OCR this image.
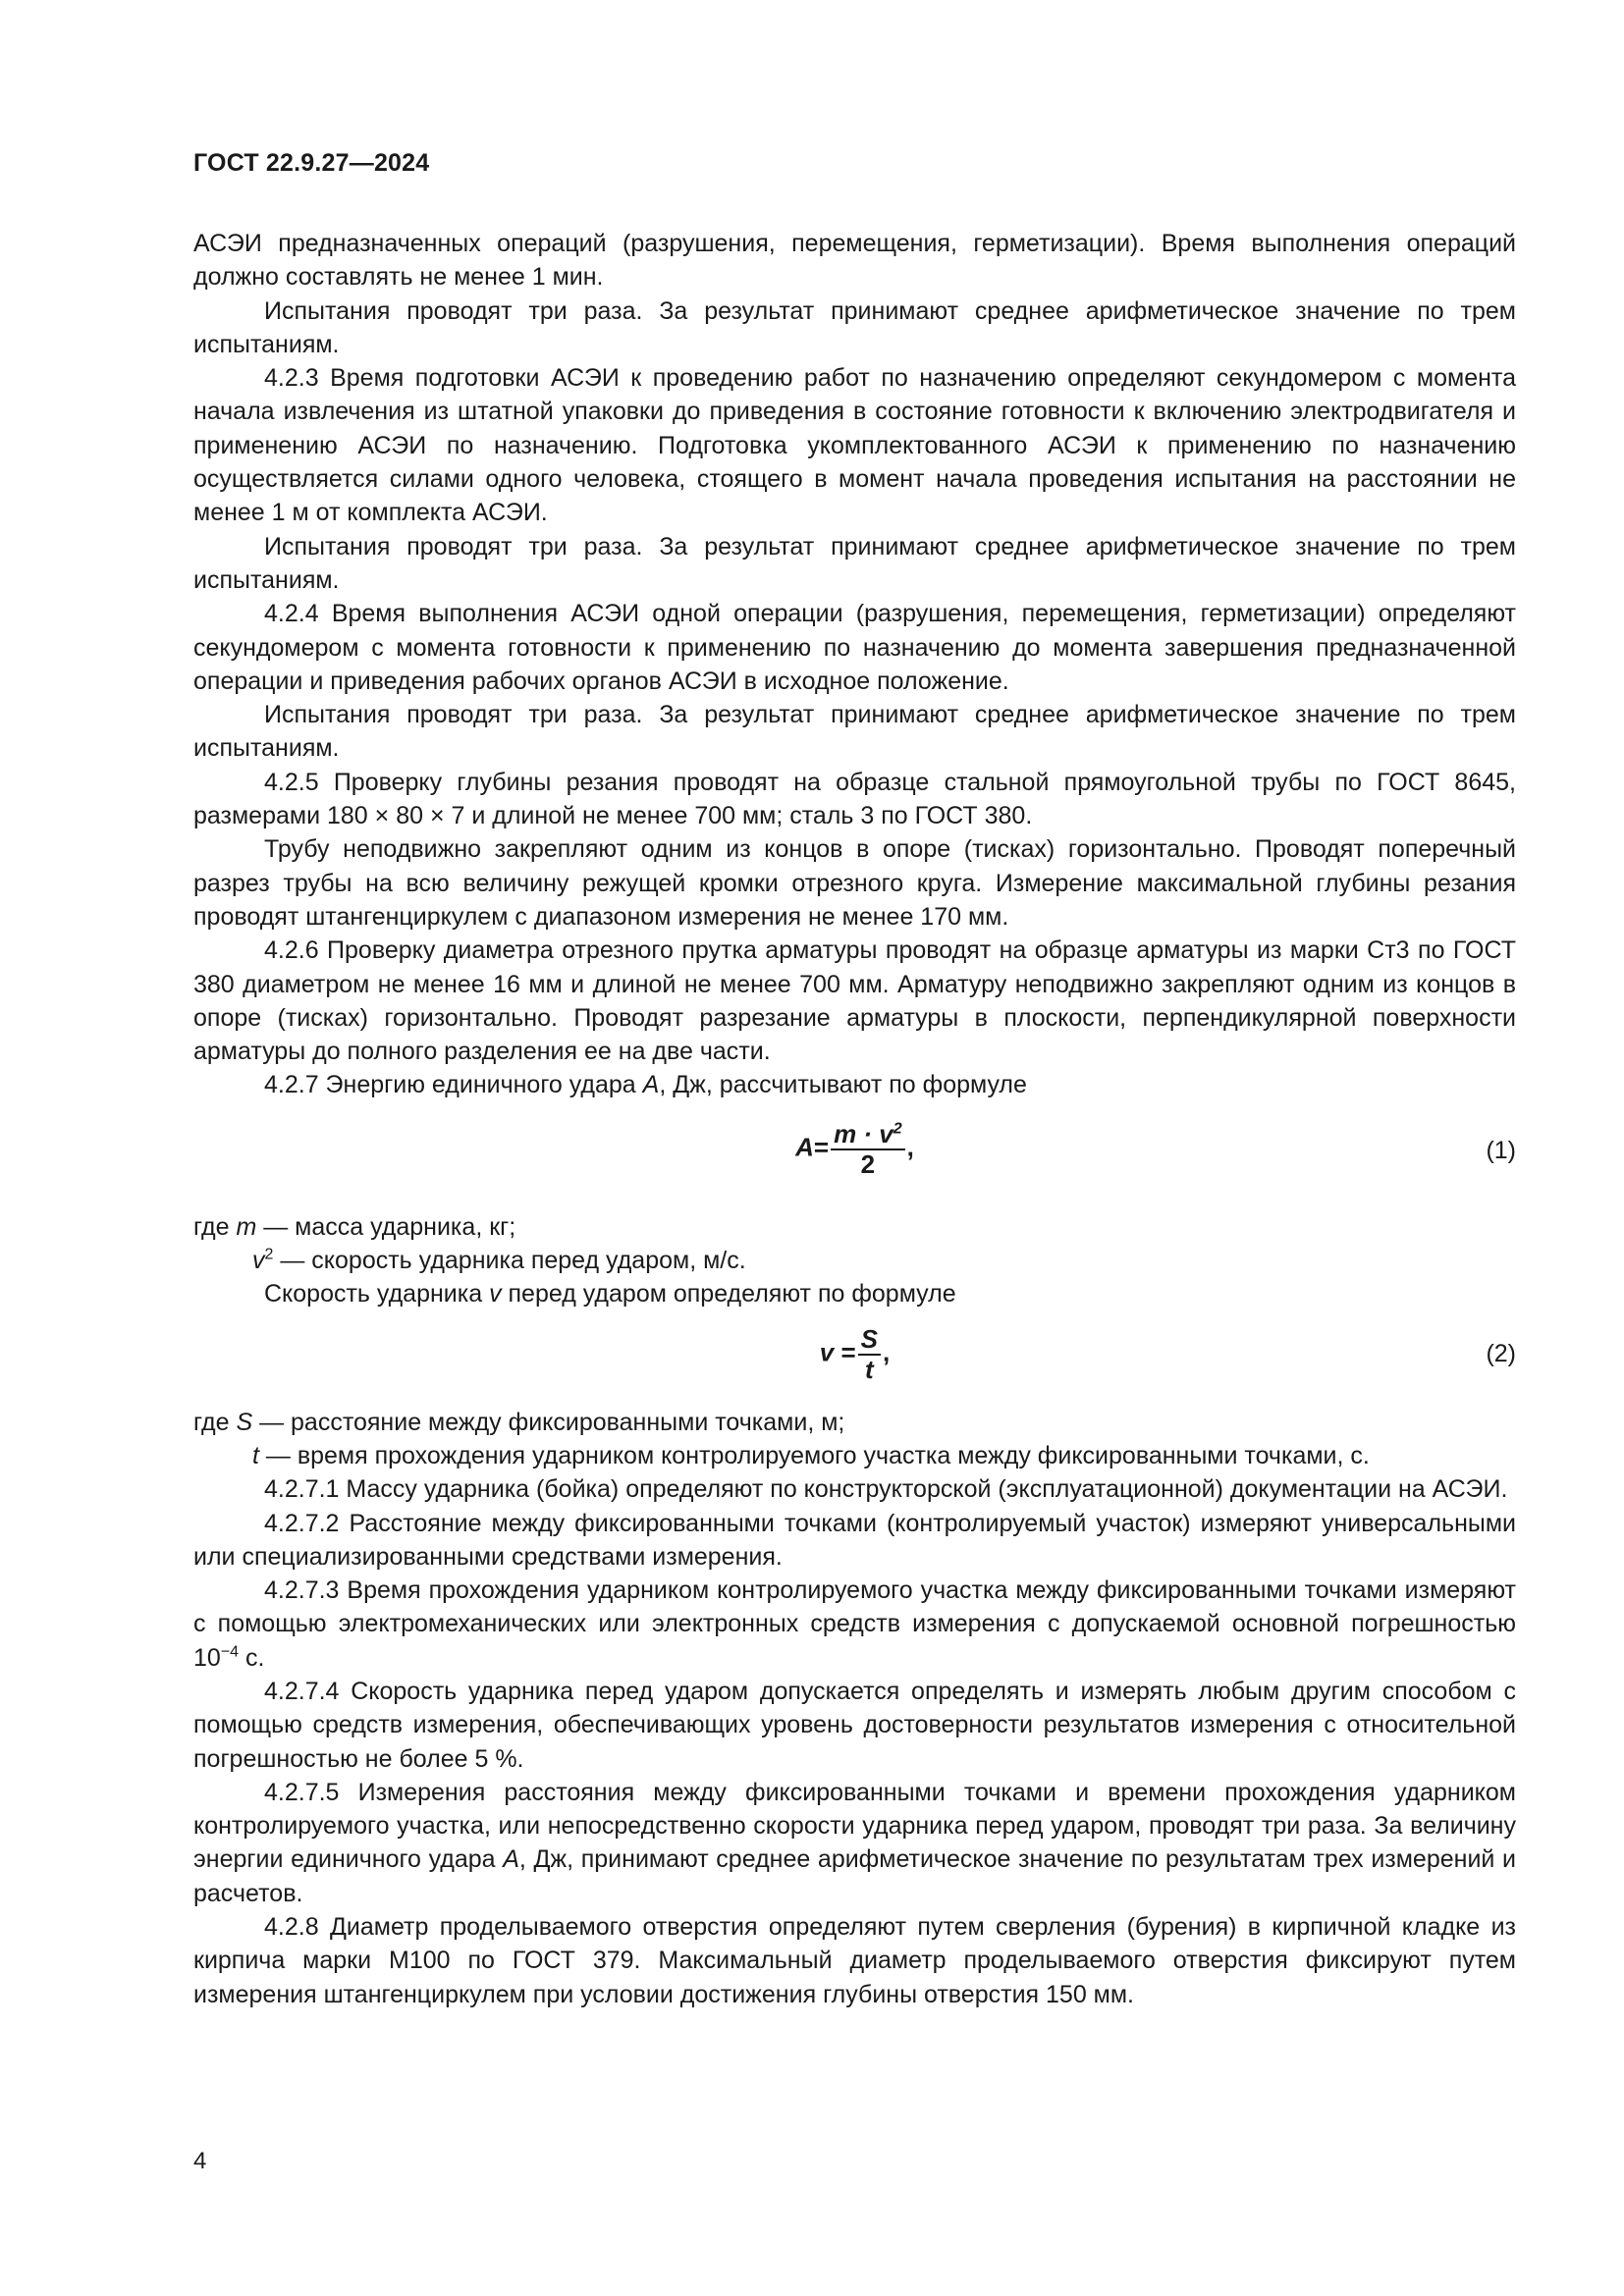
ГОСТ 22.9.27—2024

АСЭИ предназначенных операций (разрушения, перемещения, герметизации). Время выполнения операций должно составлять не менее 1 мин.

Испытания проводят три раза. За результат принимают среднее арифметическое значение по трем испытаниям.

4.2.3 Время подготовки АСЭИ к проведению работ по назначению определяют секундомером с момента начала извлечения из штатной упаковки до приведения в состояние готовности к включению электродвигателя и применению АСЭИ по назначению. Подготовка укомплектованного АСЭИ к применению по назначению осуществляется силами одного человека, стоящего в момент начала проведения испытания на расстоянии не менее 1 м от комплекта АСЭИ.

Испытания проводят три раза. За результат принимают среднее арифметическое значение по трем испытаниям.

4.2.4 Время выполнения АСЭИ одной операции (разрушения, перемещения, герметизации) определяют секундомером с момента готовности к применению по назначению до момента завершения предназначенной операции и приведения рабочих органов АСЭИ в исходное положение.

Испытания проводят три раза. За результат принимают среднее арифметическое значение по трем испытаниям.

4.2.5 Проверку глубины резания проводят на образце стальной прямоугольной трубы по ГОСТ 8645, размерами 180 × 80 × 7 и длиной не менее 700 мм; сталь 3 по ГОСТ 380.

Трубу неподвижно закрепляют одним из концов в опоре (тисках) горизонтально. Проводят поперечный разрез трубы на всю величину режущей кромки отрезного круга. Измерение максимальной глубины резания проводят штангенциркулем с диапазоном измерения не менее 170 мм.

4.2.6 Проверку диаметра отрезного прутка арматуры проводят на образце арматуры из марки Ст3 по ГОСТ 380 диаметром не менее 16 мм и длиной не менее 700 мм. Арматуру неподвижно закрепляют одним из концов в опоре (тисках) горизонтально. Проводят разрезание арматуры в плоскости, перпендикулярной поверхности арматуры до полного разделения ее на две части.

4.2.7 Энергию единичного удара A, Дж, рассчитывают по формуле

$A= \frac{m \cdot v^2}{2}$ ,	(1)

где m — масса ударника, кг;

$v^2$ — скорость ударника перед ударом, м/с.

Скорость ударника v перед ударом определяют по формуле

$v = \frac{S}{t}$ ,	(2)

где S — расстояние между фиксированными точками, м;

t — время прохождения ударником контролируемого участка между фиксированными точками, с.

4.2.7.1 Массу ударника (бойка) определяют по конструкторской (эксплуатационной) документации на АСЭИ.

4.2.7.2 Расстояние между фиксированными точками (контролируемый участок) измеряют универсальными или специализированными средствами измерения.

4.2.7.3 Время прохождения ударником контролируемого участка между фиксированными точками измеряют с помощью электромеханических или электронных средств измерения с допускаемой основной погрешностью $10^{-4}$ с.

4.2.7.4 Скорость ударника перед ударом допускается определять и измерять любым другим способом с помощью средств измерения, обеспечивающих уровень достоверности результатов измерения с относительной погрешностью не более 5 %.

4.2.7.5 Измерения расстояния между фиксированными точками и времени прохождения ударником контролируемого участка, или непосредственно скорости ударника перед ударом, проводят три раза. За величину энергии единичного удара A, Дж, принимают среднее арифметическое значение по результатам трех измерений и расчетов.

4.2.8 Диаметр проделываемого отверстия определяют путем сверления (бурения) в кирпичной кладке из кирпича марки М100 по ГОСТ 379. Максимальный диаметр проделываемого отверстия фиксируют путем измерения штангенциркулем при условии достижения глубины отверстия 150 мм.

4
